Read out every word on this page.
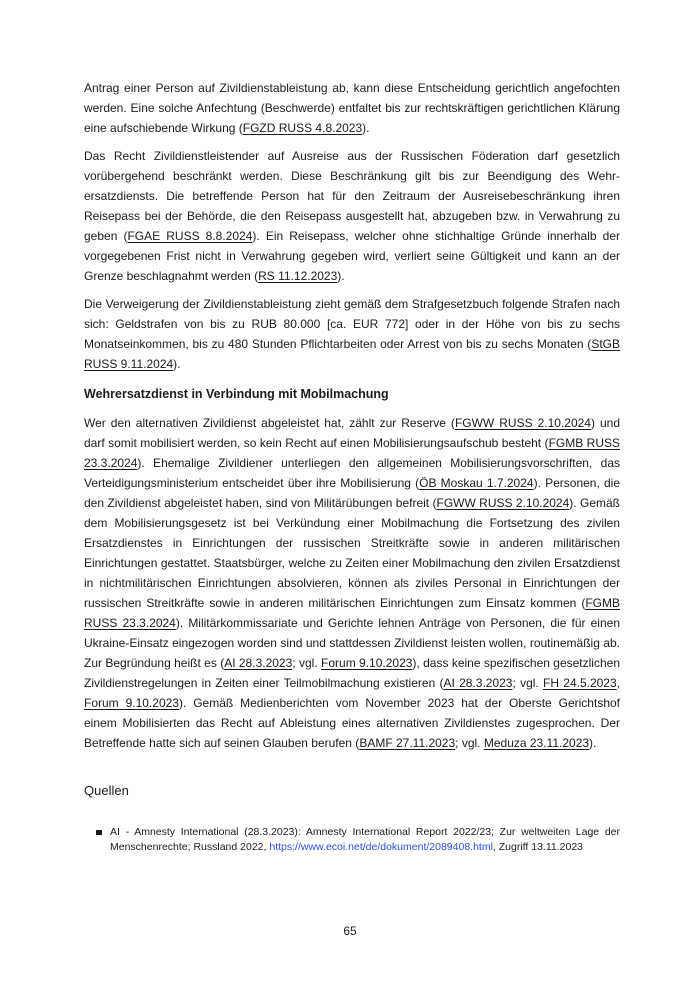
Antrag einer Person auf Zivildienstableistung ab, kann diese Entscheidung gerichtlich angefochten werden. Eine solche Anfechtung (Beschwerde) entfaltet bis zur rechtskräftigen gerichtlichen Klärung eine aufschiebende Wirkung (FGZD RUSS 4.8.2023).

Das Recht Zivildienstleistender auf Ausreise aus der Russischen Föderation darf gesetzlich vorübergehend beschränkt werden. Diese Beschränkung gilt bis zur Beendigung des Wehrersatzdiensts. Die betreffende Person hat für den Zeitraum der Ausreisebeschränkung ihren Reisepass bei der Behörde, die den Reisepass ausgestellt hat, abzugeben bzw. in Verwahrung zu geben (FGAE RUSS 8.8.2024). Ein Reisepass, welcher ohne stichhaltige Gründe innerhalb der vorgegebenen Frist nicht in Verwahrung gegeben wird, verliert seine Gültigkeit und kann an der Grenze beschlagnahmt werden (RS 11.12.2023).

Die Verweigerung der Zivildienstableistung zieht gemäß dem Strafgesetzbuch folgende Strafen nach sich: Geldstrafen von bis zu RUB 80.000 [ca. EUR 772] oder in der Höhe von bis zu sechs Monatseinkommen, bis zu 480 Stunden Pflichtarbeiten oder Arrest von bis zu sechs Monaten (StGB RUSS 9.11.2024).

Wehrersatzdienst in Verbindung mit Mobilmachung

Wer den alternativen Zivildienst abgeleistet hat, zählt zur Reserve (FGWW RUSS 2.10.2024) und darf somit mobilisiert werden, so kein Recht auf einen Mobilisierungsaufschub besteht (FGMB RUSS 23.3.2024). Ehemalige Zivildiener unterliegen den allgemeinen Mobilisierungsvorschriften, das Verteidigungsministerium entscheidet über ihre Mobilisierung (ÖB Moskau 1.7.2024). Personen, die den Zivildienst abgeleistet haben, sind von Militärübungen befreit (FGWW RUSS 2.10.2024). Gemäß dem Mobilisierungsgesetz ist bei Verkündung einer Mobilmachung die Fortsetzung des zivilen Ersatzdienstes in Einrichtungen der russischen Streitkräfte sowie in anderen militärischen Einrichtungen gestattet. Staatsbürger, welche zu Zeiten einer Mobilmachung den zivilen Ersatzdienst in nichtmilitärischen Einrichtungen absolvieren, können als ziviles Personal in Einrichtungen der russischen Streitkräfte sowie in anderen militärischen Einrichtungen zum Einsatz kommen (FGMB RUSS 23.3.2024). Militärkommissariate und Gerichte lehnen Anträge von Personen, die für einen Ukraine-Einsatz eingezogen worden sind und stattdessen Zivildienst leisten wollen, routinemäßig ab. Zur Begründung heißt es (AI 28.3.2023; vgl. Forum 9.10.2023), dass keine spezifischen gesetzlichen Zivildienstregelungen in Zeiten einer Teilmobilmachung existieren (AI 28.3.2023; vgl. FH 24.5.2023, Forum 9.10.2023). Gemäß Medienberichten vom November 2023 hat der Oberste Gerichtshof einem Mobilisierten das Recht auf Ableistung eines alternativen Zivildienstes zugesprochen. Der Betreffende hatte sich auf seinen Glauben berufen (BAMF 27.11.2023; vgl. Meduza 23.11.2023).

Quellen
AI - Amnesty International (28.3.2023): Amnesty International Report 2022/23; Zur weltweiten Lage der Menschenrechte; Russland 2022, https://www.ecoi.net/de/dokument/2089408.html, Zugriff 13.11.2023
65
